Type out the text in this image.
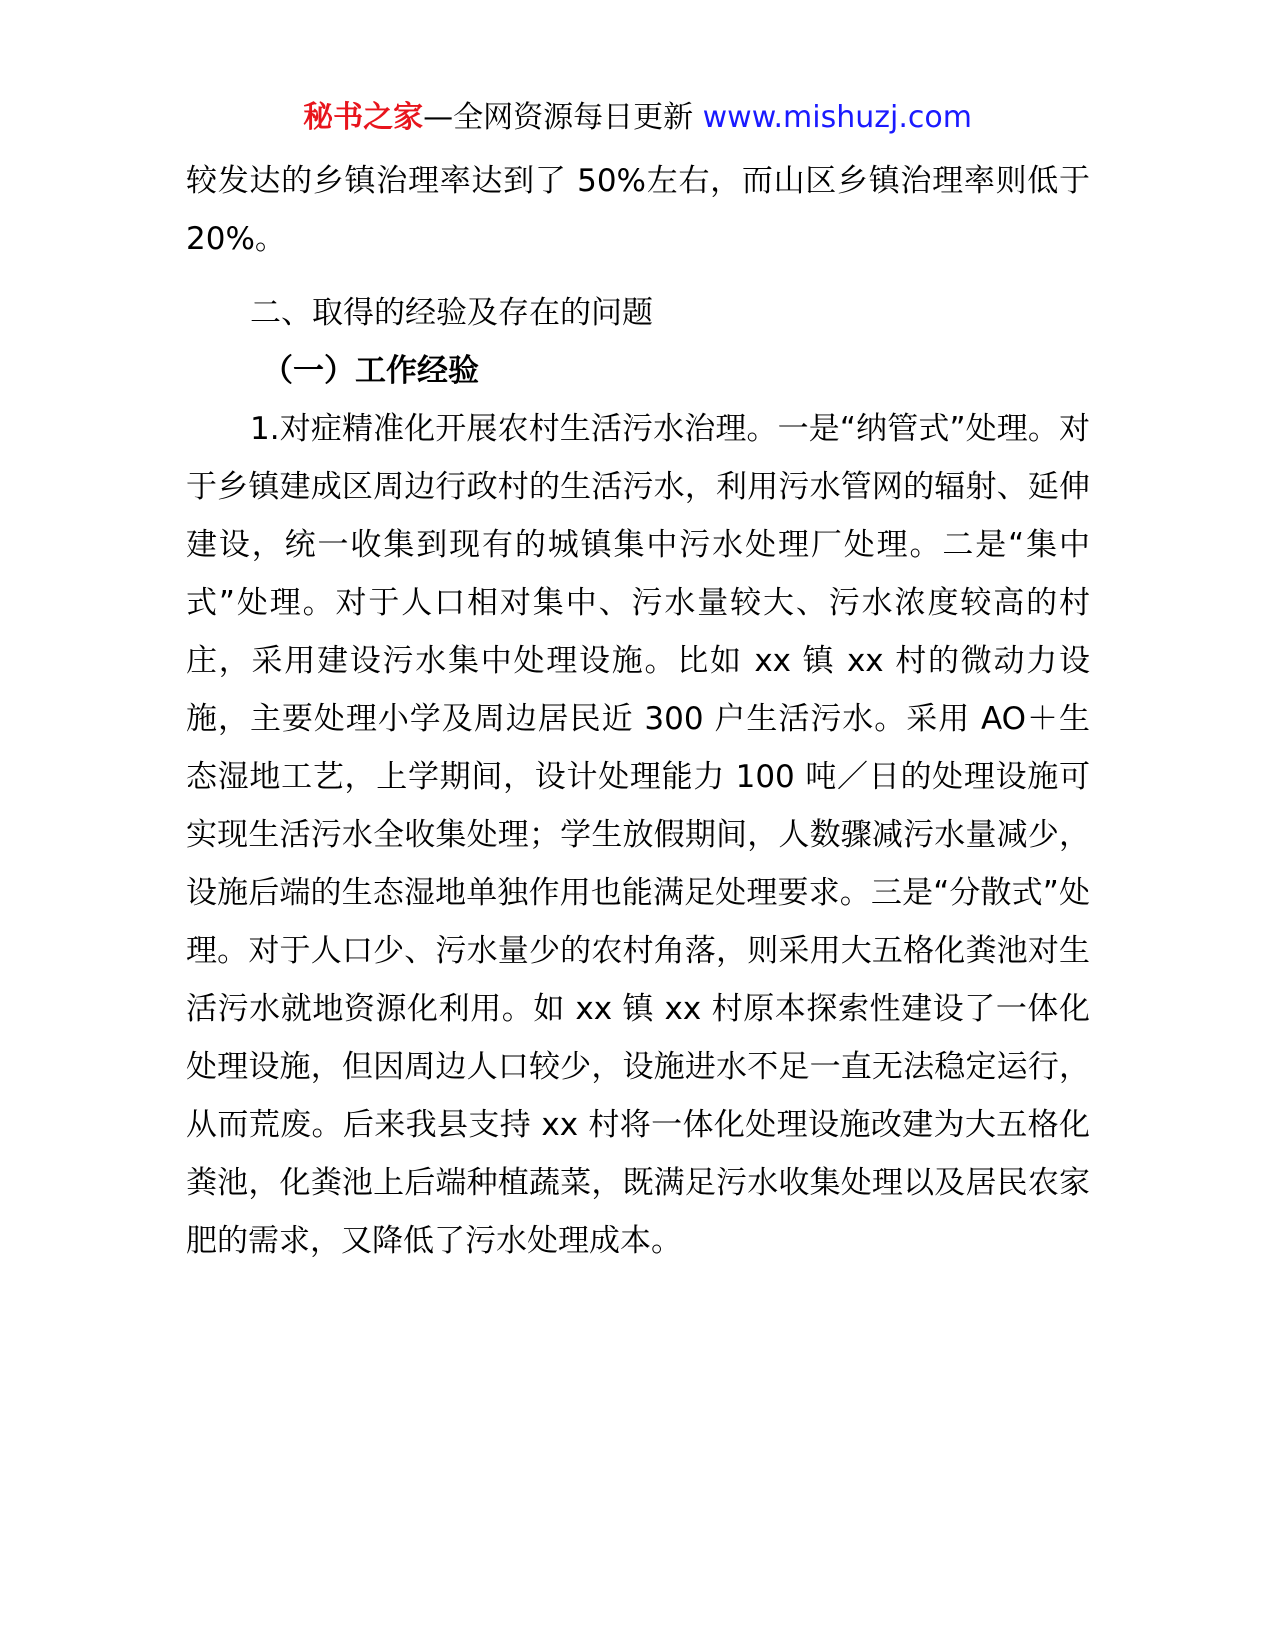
秘书之家—全网资源每日更新 www.mishuzj.com

较发达的乡镇治理率达到了 50%左右，而山区乡镇治理率则低于 20%。

二、取得的经验及存在的问题

（一）工作经验

1.对症精准化开展农村生活污水治理。一是“纳管式”处理。对于乡镇建成区周边行政村的生活污水，利用污水管网的辐射、延伸建设，统一收集到现有的城镇集中污水处理厂处理。二是“集中式”处理。对于人口相对集中、污水量较大、污水浓度较高的村庄，采用建设污水集中处理设施。比如 xx 镇 xx 村的微动力设施，主要处理小学及周边居民近 300 户生活污水。采用 AO＋生态湿地工艺，上学期间，设计处理能力 100 吨／日的处理设施可实现生活污水全收集处理；学生放假期间，人数骤减污水量减少，设施后端的生态湿地单独作用也能满足处理要求。三是“分散式”处理。对于人口少、污水量少的农村角落，则采用大五格化粪池对生活污水就地资源化利用。如 xx 镇 xx 村原本探索性建设了一体化处理设施，但因周边人口较少，设施进水不足一直无法稳定运行，从而荒废。后来我县支持 xx 村将一体化处理设施改建为大五格化粪池，化粪池上后端种植蔬菜，既满足污水收集处理以及居民农家肥的需求，又降低了污水处理成本。
